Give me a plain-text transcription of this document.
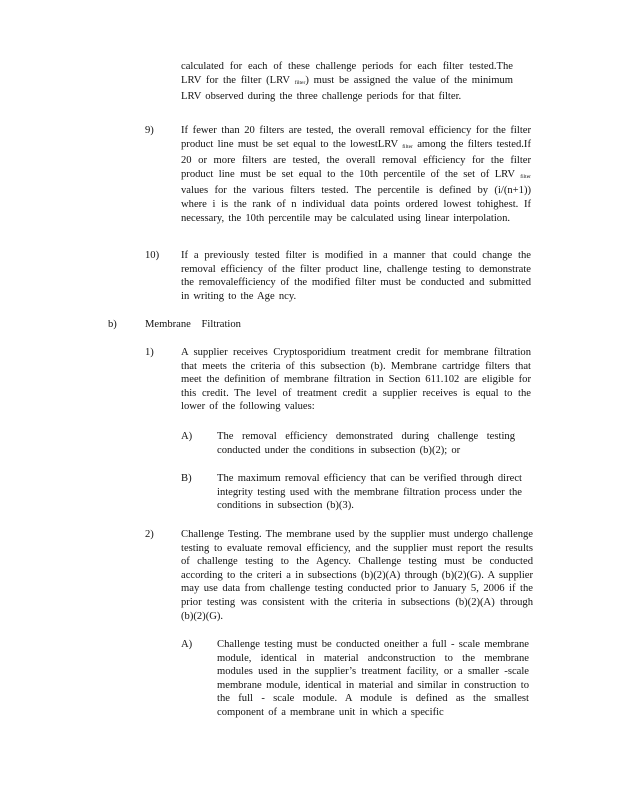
calculated for each of these challenge periods for each filter tested.The LRV for the filter (LRV filter) must be assigned the value of the minimum LRV observed during the three challenge periods for that filter.

9)	If fewer than 20 filters are tested, the overall removal efficiency for the filter product line must be set equal to the lowestLRV filter among the filters tested.If 20 or more filters are tested, the overall removal efficiency for the filter product line must be set equal to the 10th percentile of the set of LRV filter values for the various filters tested. The percentile is defined by (i/(n+1)) where i is the rank of n individual data points ordered lowest tohighest. If necessary, the 10th percentile may be calculated using linear interpolation.

10) If a previously tested filter is modified in a manner that could change the removal efficiency of the filter product line, challenge testing to demonstrate the removalefficiency of the modified filter must be conducted and submitted in writing to the Age ncy.

b)	Membrane Filtration
1)	A supplier receives Cryptosporidium treatment credit for membrane filtration that meets the criteria of this subsection (b). Membrane cartridge filters that meet the definition of membrane filtration in Section 611.102 are eligible for this credit. The level of treatment credit a supplier receives is equal to the lower of the following values:

A) The removal efficiency demonstrated during challenge testing conducted under the conditions in subsection (b)(2); or

B) The maximum removal efficiency that can be verified through direct integrity testing used with the membrane filtration process under the conditions in subsection (b)(3).

2)	Challenge Testing. The membrane used by the supplier must undergo challenge testing to evaluate removal efficiency, and the supplier must report the results of challenge testing to the Agency. Challenge testing must be conducted according to the criteri a in subsections (b)(2)(A) through (b)(2)(G). A supplier may use data from challenge testing conducted prior to January 5, 2006 if the prior testing was consistent with the criteria in subsections (b)(2)(A) through (b)(2)(G).

A) Challenge testing must be conducted oneither a full - scale membrane module, identical in material andconstruction to the membrane modules used in the supplier’s treatment facility, or a smaller -scale membrane module, identical in material and similar in construction to the full - scale module. A module is defined as the smallest component of a membrane unit in which a specific
